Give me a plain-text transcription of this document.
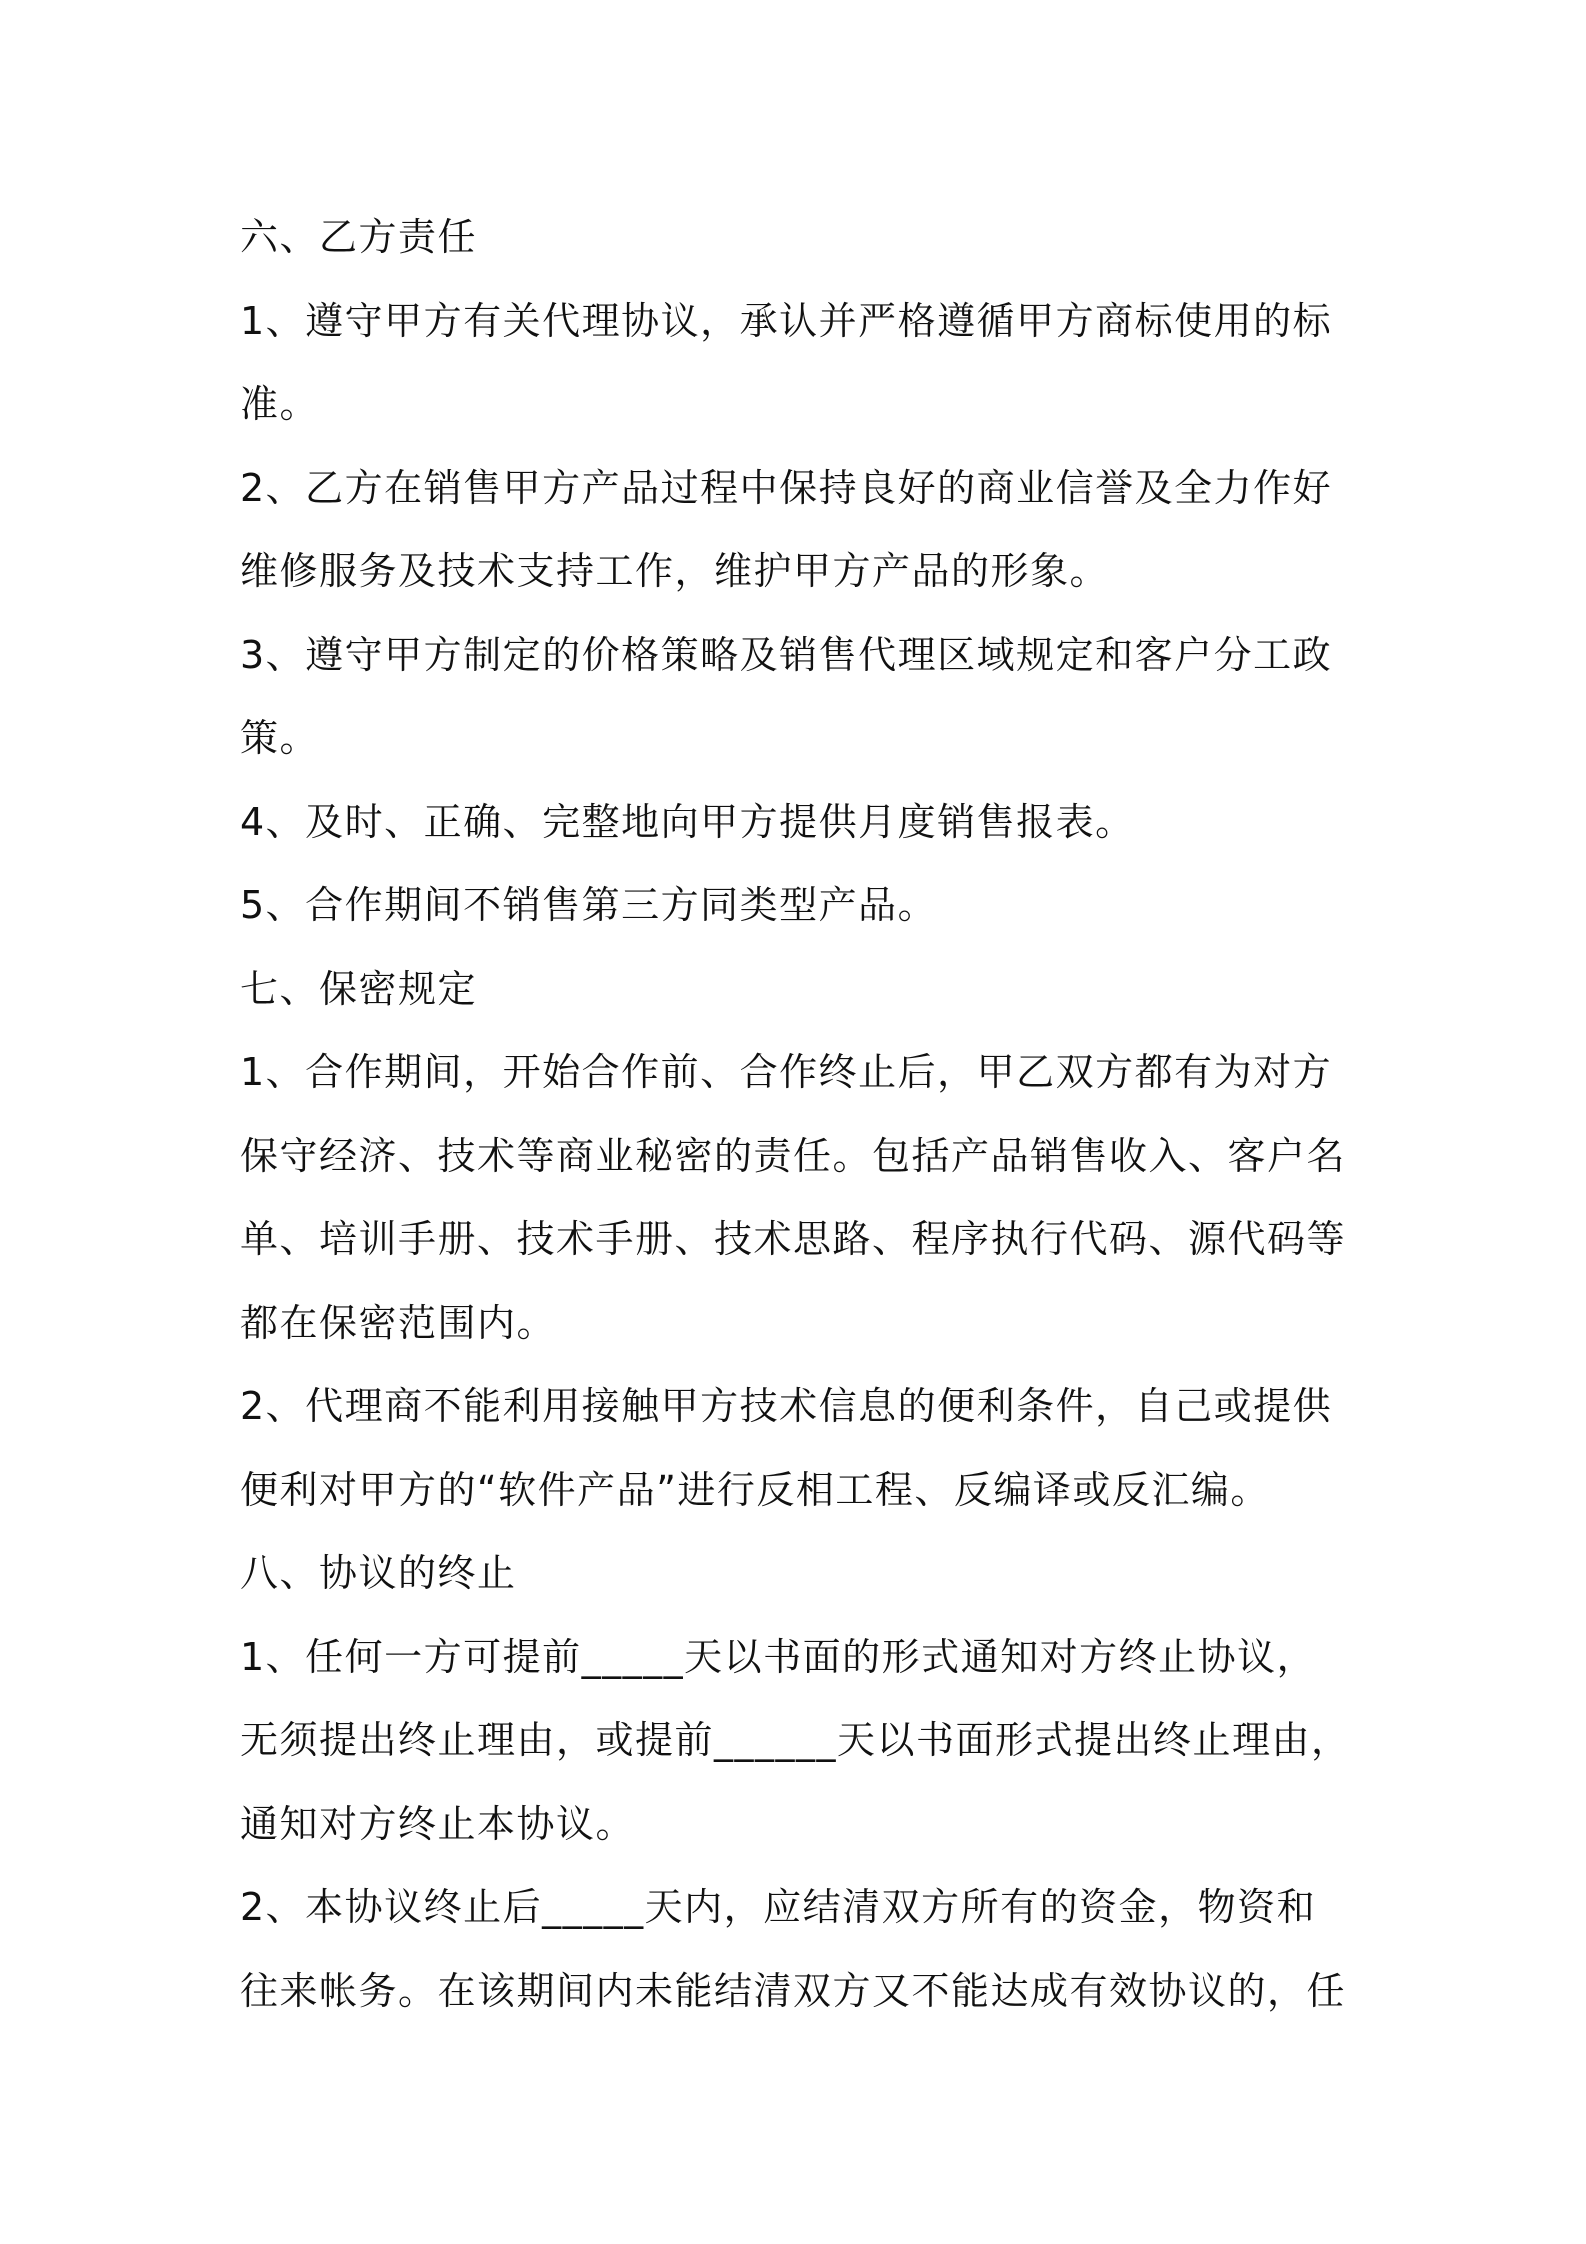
六、乙方责任
1、遵守甲方有关代理协议，承认并严格遵循甲方商标使用的标
准。
2、乙方在销售甲方产品过程中保持良好的商业信誉及全力作好
维修服务及技术支持工作，维护甲方产品的形象。
3、遵守甲方制定的价格策略及销售代理区域规定和客户分工政
策。
4、及时、正确、完整地向甲方提供月度销售报表。
5、合作期间不销售第三方同类型产品。
七、保密规定
1、合作期间，开始合作前、合作终止后，甲乙双方都有为对方
保守经济、技术等商业秘密的责任。包括产品销售收入、客户名
单、培训手册、技术手册、技术思路、程序执行代码、源代码等
都在保密范围内。
2、代理商不能利用接触甲方技术信息的便利条件，自己或提供
便利对甲方的“软件产品”进行反相工程、反编译或反汇编。
八、协议的终止
1、任何一方可提前_____天以书面的形式通知对方终止协议，
无须提出终止理由，或提前______天以书面形式提出终止理由，
通知对方终止本协议。
2、本协议终止后_____天内，应结清双方所有的资金，物资和
往来帐务。在该期间内未能结清双方又不能达成有效协议的，任
